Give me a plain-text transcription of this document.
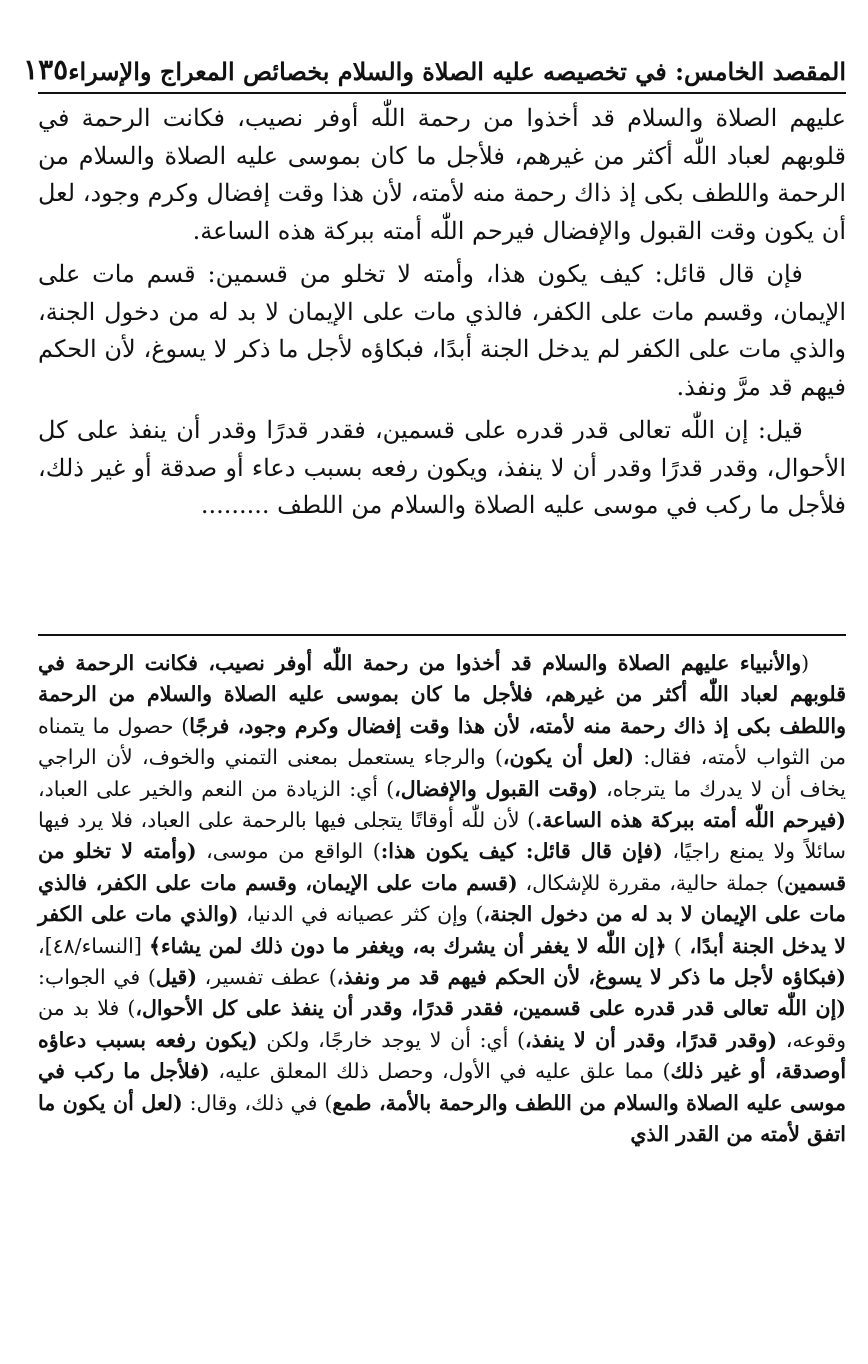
المقصد الخامس: في تخصيصه عليه الصلاة والسلام بخصائص المعراج والإسراء
١٣٥

عليهم الصلاة والسلام قد أخذوا من رحمة اللّٰه أوفر نصيب، فكانت الرحمة في قلوبهم لعباد اللّٰه أكثر من غيرهم، فلأجل ما كان بموسى عليه الصلاة والسلام من الرحمة واللطف بكى إذ ذاك رحمة منه لأمته، لأن هذا وقت إفضال وكرم وجود، لعل أن يكون وقت القبول والإفضال فيرحم اللّٰه أمته ببركة هذه الساعة.

فإن قال قائل: كيف يكون هذا، وأمته لا تخلو من قسمين: قسم مات على الإيمان، وقسم مات على الكفر، فالذي مات على الإيمان لا بد له من دخول الجنة، والذي مات على الكفر لم يدخل الجنة أبدًا، فبكاؤه لأجل ما ذكر لا يسوغ، لأن الحكم فيهم قد مرَّ ونفذ.

قيل: إن اللّٰه تعالى قدر قدره على قسمين، فقدر قدرًا وقدر أن ينفذ على كل الأحوال، وقدر قدرًا وقدر أن لا ينفذ، ويكون رفعه بسبب دعاء أو صدقة أو غير ذلك، فلأجل ما ركب في موسى عليه الصلاة والسلام من اللطف .........

(والأنبياء عليهم الصلاة والسلام قد أخذوا من رحمة اللّٰه أوفر نصيب، فكانت الرحمة في قلوبهم لعباد اللّٰه أكثر من غيرهم، فلأجل ما كان بموسى عليه الصلاة والسلام من الرحمة واللطف بكى إذ ذاك رحمة منه لأمته، لأن هذا وقت إفضال وكرم وجود، فرجًا) حصول ما يتمناه من الثواب لأمته، فقال: (لعل أن يكون،) والرجاء يستعمل بمعنى التمني والخوف، لأن الراجي يخاف أن لا يدرك ما يترجاه، (وقت القبول والإفضال،) أي: الزيادة من النعم والخير على العباد، (فيرحم اللّٰه أمته ببركة هذه الساعة.) لأن للّٰه أوقاتًا يتجلى فيها بالرحمة على العباد، فلا يرد فيها سائلاً ولا يمنع راجيًا، (فإن قال قائل: كيف يكون هذا:) الواقع من موسى، (وأمته لا تخلو من قسمين) جملة حالية، مقررة للإشكال، (قسم مات على الإيمان، وقسم مات على الكفر، فالذي مات على الإيمان لا بد له من دخول الجنة،) وإن كثر عصيانه في الدنيا، (والذي مات على الكفر لا يدخل الجنة أبدًا، ) ﴿إن اللّٰه لا يغفر أن يشرك به، ويغفر ما دون ذلك لمن يشاء﴾ [النساء/٤٨]، (فبكاؤه لأجل ما ذكر لا يسوغ، لأن الحكم فيهم قد مر ونفذ،) عطف تفسير، (قيل) في الجواب: (إن اللّٰه تعالى قدر قدره على قسمين، فقدر قدرًا، وقدر أن ينفذ على كل الأحوال،) فلا بد من وقوعه، (وقدر قدرًا، وقدر أن لا ينفذ،) أي: أن لا يوجد خارجًا، ولكن (يكون رفعه بسبب دعاؤه أوصدقة، أو غير ذلك) مما علق عليه في الأول، وحصل ذلك المعلق عليه، (فلأجل ما ركب في موسى عليه الصلاة والسلام من اللطف والرحمة بالأمة، طمع) في ذلك، وقال: (لعل أن يكون ما اتفق لأمته من القدر الذي
